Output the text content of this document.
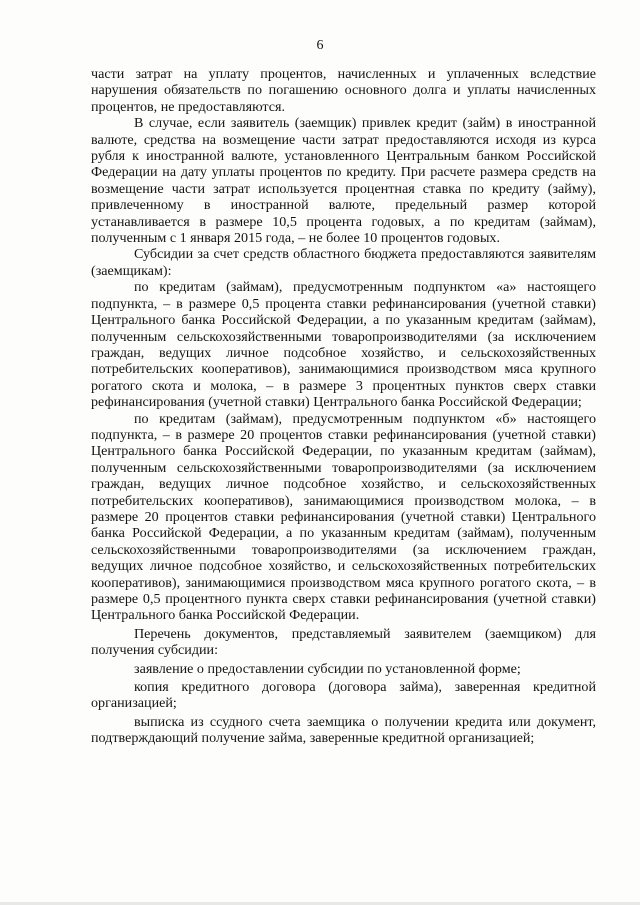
6

части затрат на уплату процентов, начисленных и уплаченных вследствие нарушения обязательств по погашению основного долга и уплаты начисленных процентов, не предоставляются.

В случае, если заявитель (заемщик) привлек кредит (займ) в иностранной валюте, средства на возмещение части затрат предоставляются исходя из курса рубля к иностранной валюте, установленного Центральным банком Российской Федерации на дату уплаты процентов по кредиту. При расчете размера средств на возмещение части затрат используется процентная ставка по кредиту (займу), привлеченному в иностранной валюте, предельный размер которой устанавливается в размере 10,5 процента годовых, а по кредитам (займам), полученным с 1 января 2015 года, – не более 10 процентов годовых.

Субсидии за счет средств областного бюджета предоставляются заявителям (заемщикам):

по кредитам (займам), предусмотренным подпунктом «а» настоящего подпункта, – в размере 0,5 процента ставки рефинансирования (учетной ставки) Центрального банка Российской Федерации, а по указанным кредитам (займам), полученным сельскохозяйственными товаропроизводителями (за исключением граждан, ведущих личное подсобное хозяйство, и сельскохозяйственных потребительских кооперативов), занимающимися производством мяса крупного рогатого скота и молока, – в размере 3 процентных пунктов сверх ставки рефинансирования (учетной ставки) Центрального банка Российской Федерации;

по кредитам (займам), предусмотренным подпунктом «б» настоящего подпункта, – в размере 20 процентов ставки рефинансирования (учетной ставки) Центрального банка Российской Федерации, по указанным кредитам (займам), полученным сельскохозяйственными товаропроизводителями (за исключением граждан, ведущих личное подсобное хозяйство, и сельскохозяйственных потребительских кооперативов), занимающимися производством молока, – в размере 20 процентов ставки рефинансирования (учетной ставки) Центрального банка Российской Федерации, а по указанным кредитам (займам), полученным сельскохозяйственными товаропроизводителями (за исключением граждан, ведущих личное подсобное хозяйство, и сельскохозяйственных потребительских кооперативов), занимающимися производством мяса крупного рогатого скота, – в размере 0,5 процентного пункта сверх ставки рефинансирования (учетной ставки) Центрального банка Российской Федерации.

Перечень документов, представляемый заявителем (заемщиком) для получения субсидии:

заявление о предоставлении субсидии по установленной форме;

копия кредитного договора (договора займа), заверенная кредитной организацией;

выписка из ссудного счета заемщика о получении кредита или документ, подтверждающий получение займа, заверенные кредитной организацией;
